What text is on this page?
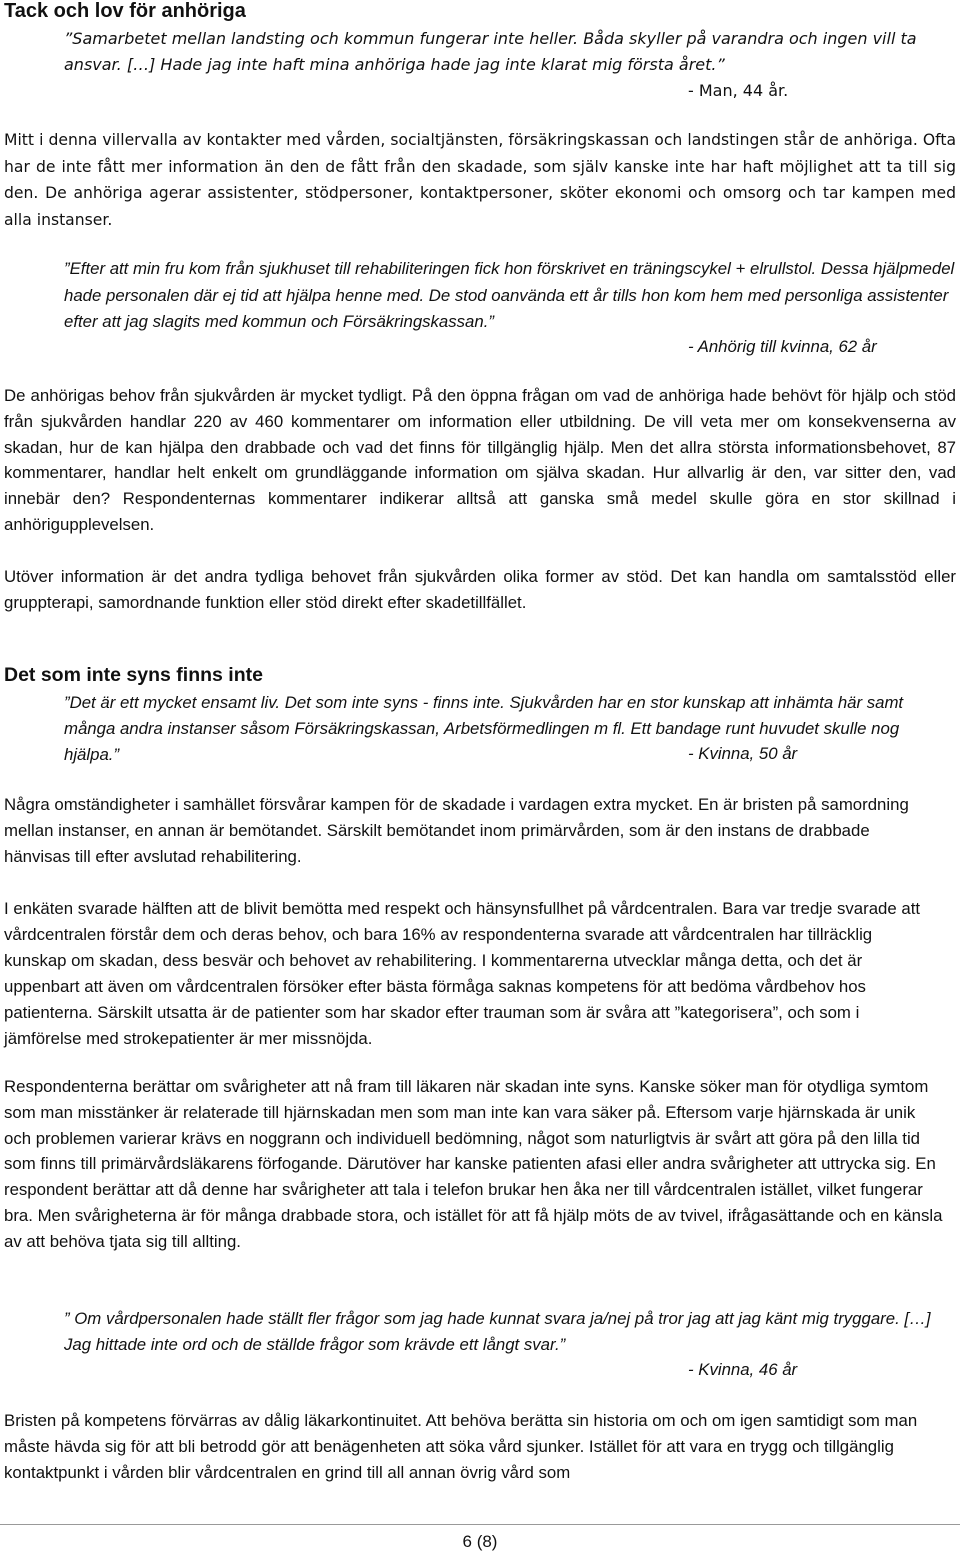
Tack och lov för anhöriga

”Samarbetet mellan landsting och kommun fungerar inte heller. Båda skyller på varandra och ingen vill ta ansvar. […] Hade jag inte haft mina anhöriga hade jag inte klarat mig första året.”

- Man, 44 år.

Mitt i denna villervalla av kontakter med vården, socialtjänsten, försäkringskassan och landstingen står de anhöriga. Ofta har de inte fått mer information än den de fått från den skadade, som själv kanske inte har haft möjlighet att ta till sig den. De anhöriga agerar assistenter, stödpersoner, kontaktpersoner, sköter ekonomi och omsorg och tar kampen med alla instanser.

”Efter att min fru kom från sjukhuset till rehabiliteringen fick hon förskrivet en träningscykel + elrullstol. Dessa hjälpmedel hade personalen där ej tid att hjälpa henne med. De stod oanvända ett år tills hon kom hem med personliga assistenter efter att jag slagits med kommun och Försäkringskassan.”

- Anhörig till kvinna, 62 år

De anhörigas behov från sjukvården är mycket tydligt. På den öppna frågan om vad de anhöriga hade behövt för hjälp och stöd från sjukvården handlar 220 av 460 kommentarer om information eller utbildning. De vill veta mer om konsekvenserna av skadan, hur de kan hjälpa den drabbade och vad det finns för tillgänglig hjälp. Men det allra största informationsbehovet, 87 kommentarer, handlar helt enkelt om grundläggande information om själva skadan. Hur allvarlig är den, var sitter den, vad innebär den? Respondenternas kommentarer indikerar alltså att ganska små medel skulle göra en stor skillnad i anhörigupplevelsen.

Utöver information är det andra tydliga behovet från sjukvården olika former av stöd. Det kan handla om samtalsstöd eller gruppterapi, samordnande funktion eller stöd direkt efter skadetillfället.

Det som inte syns finns inte

”Det är ett mycket ensamt liv. Det som inte syns - finns inte. Sjukvården har en stor kunskap att inhämta här samt många andra instanser såsom Försäkringskassan, Arbetsförmedlingen m fl. Ett bandage runt huvudet skulle nog hjälpa.”	- Kvinna, 50 år

Några omständigheter i samhället försvårar kampen för de skadade i vardagen extra mycket. En är bristen på samordning mellan instanser, en annan är bemötandet. Särskilt bemötandet inom primärvården, som är den instans de drabbade hänvisas till efter avslutad rehabilitering.

I enkäten svarade hälften att de blivit bemötta med respekt och hänsynsfullhet på vårdcentralen. Bara var tredje svarade att vårdcentralen förstår dem och deras behov, och bara 16% av respondenterna svarade att vårdcentralen har tillräcklig kunskap om skadan, dess besvär och behovet av rehabilitering. I kommentarerna utvecklar många detta, och det är uppenbart att även om vårdcentralen försöker efter bästa förmåga saknas kompetens för att bedöma vårdbehov hos patienterna. Särskilt utsatta är de patienter som har skador efter trauman som är svåra att ”kategorisera”, och som i jämförelse med strokepatienter är mer missnöjda.

Respondenterna berättar om svårigheter att nå fram till läkaren när skadan inte syns. Kanske söker man för otydliga symtom som man misstänker är relaterade till hjärnskadan men som man inte kan vara säker på. Eftersom varje hjärnskada är unik och problemen varierar krävs en noggrann och individuell bedömning, något som naturligtvis är svårt att göra på den lilla tid som finns till primärvårdsläkarens förfogande. Därutöver har kanske patienten afasi eller andra svårigheter att uttrycka sig. En respondent berättar att då denne har svårigheter att tala i telefon brukar hen åka ner till vårdcentralen istället, vilket fungerar bra. Men svårigheterna är för många drabbade stora, och istället för att få hjälp möts de av tvivel, ifrågasättande och en känsla av att behöva tjata sig till allting.

” Om vårdpersonalen hade ställt fler frågor som jag hade kunnat svara ja/nej på tror jag att jag känt mig tryggare. […] Jag hittade inte ord och de ställde frågor som krävde ett långt svar.”

- Kvinna, 46 år

Bristen på kompetens förvärras av dålig läkarkontinuitet. Att behöva berätta sin historia om och om igen samtidigt som man måste hävda sig för att bli betrodd gör att benägenheten att söka vård sjunker. Istället för att vara en trygg och tillgänglig kontaktpunkt i vården blir vårdcentralen en grind till all annan övrig vård som

6 (8)
